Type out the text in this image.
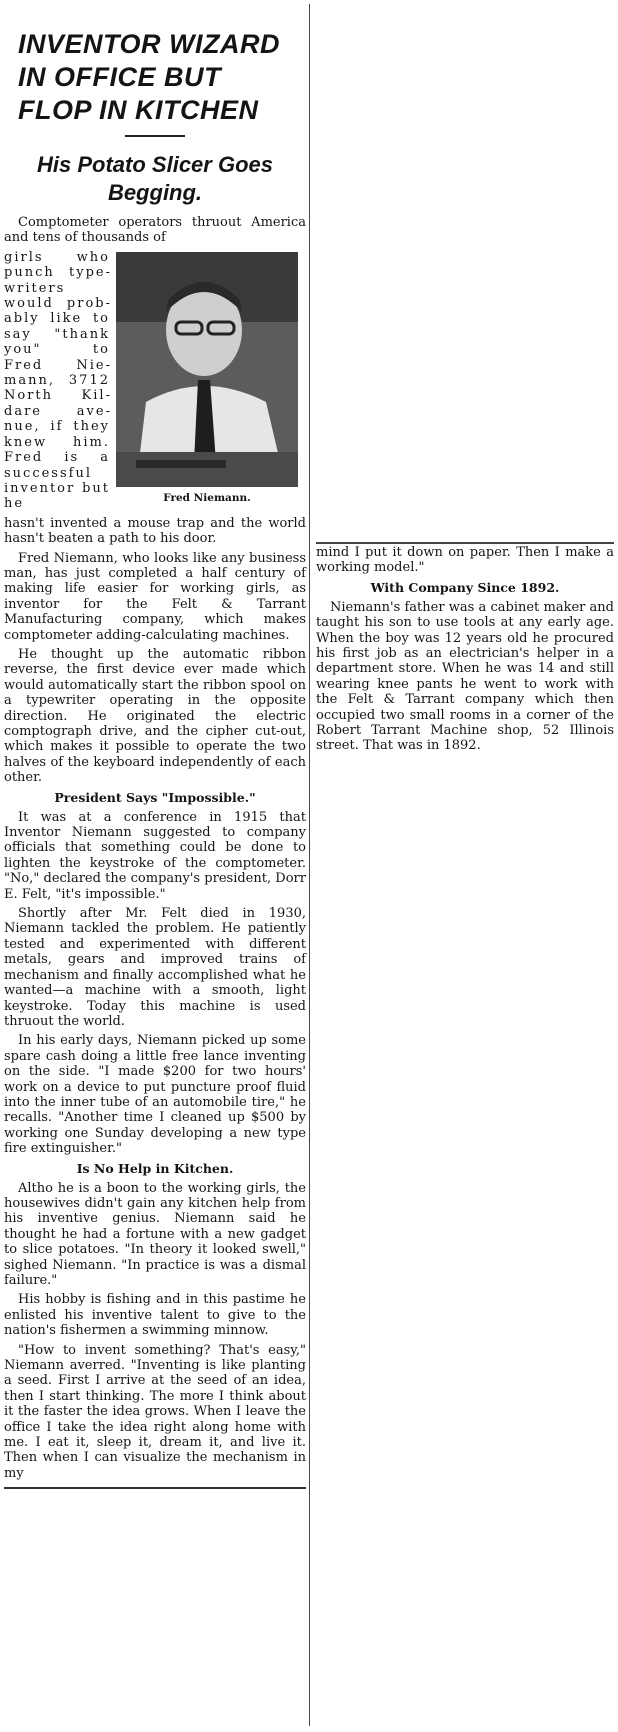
INVENTOR WIZARD
IN OFFICE BUT
FLOP IN KITCHEN
His Potato Slicer Goes
Begging.

Comptometer operators thruout America and tens of thousands of

Fred Niemann.

girls who punch typewriters would probably like to say "thank you" to Fred Niemann, 3712 North Kildare avenue, if they knew him. Fred is a successful inventor but he

hasn't invented a mouse trap and the world hasn't beaten a path to his door.

Fred Niemann, who looks like any business man, has just completed a half century of making life easier for working girls, as inventor for the Felt & Tarrant Manufacturing company, which makes comptometer adding-calculating machines.

He thought up the automatic ribbon reverse, the first device ever made which would automatically start the ribbon spool on a typewriter operating in the opposite direction. He originated the electric comptograph drive, and the cipher cut-out, which makes it possible to operate the two halves of the keyboard independently of each other.

President Says "Impossible."

It was at a conference in 1915 that Inventor Niemann suggested to company officials that something could be done to lighten the keystroke of the comptometer. "No," declared the company's president, Dorr E. Felt, "it's impossible."

Shortly after Mr. Felt died in 1930, Niemann tackled the problem. He patiently tested and experimented with different metals, gears and improved trains of mechanism and finally accomplished what he wanted—a machine with a smooth, light keystroke. Today this machine is used thruout the world.

In his early days, Niemann picked up some spare cash doing a little free lance inventing on the side. "I made $200 for two hours' work on a device to put puncture proof fluid into the inner tube of an automobile tire," he recalls. "Another time I cleaned up $500 by working one Sunday developing a new type fire extinguisher."

Is No Help in Kitchen.

Altho he is a boon to the working girls, the housewives didn't gain any kitchen help from his inventive genius. Niemann said he thought he had a fortune with a new gadget to slice potatoes. "In theory it looked swell," sighed Niemann. "In practice is was a dismal failure."

His hobby is fishing and in this pastime he enlisted his inventive talent to give to the nation's fishermen a swimming minnow.

"How to invent something? That's easy," Niemann averred. "Inventing is like planting a seed. First I arrive at the seed of an idea, then I start thinking. The more I think about it the faster the idea grows. When I leave the office I take the idea right along home with me. I eat it, sleep it, dream it, and live it. Then when I can visualize the mechanism in my

mind I put it down on paper. Then I make a working model."

With Company Since 1892.

Niemann's father was a cabinet maker and taught his son to use tools at any early age. When the boy was 12 years old he procured his first job as an electrician's helper in a department store. When he was 14 and still wearing knee pants he went to work with the Felt & Tarrant company which then occupied two small rooms in a corner of the Robert Tarrant Machine shop, 52 Illinois street. That was in 1892.
